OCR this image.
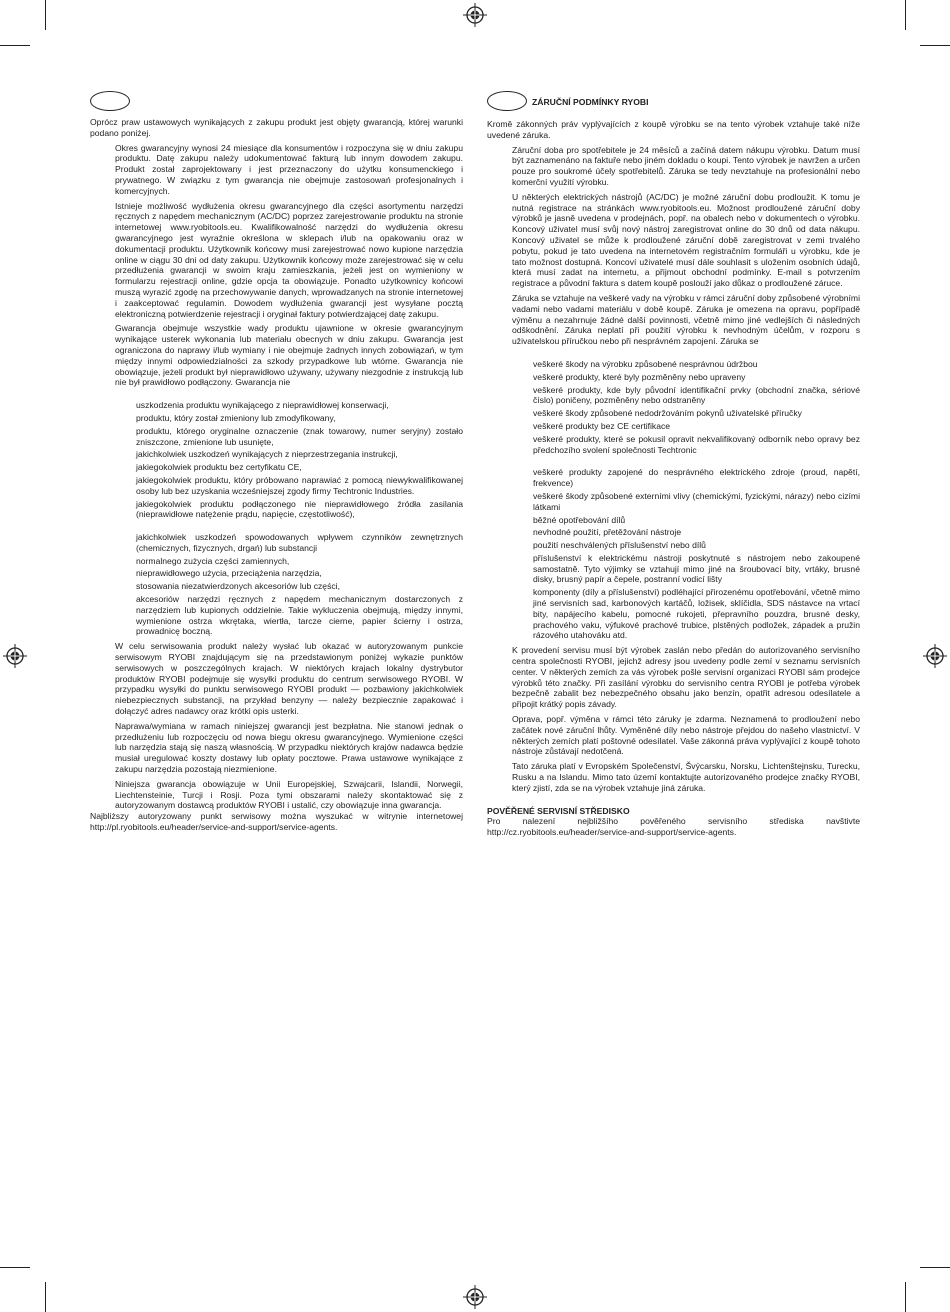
Oprócz praw ustawowych wynikających z zakupu produkt jest objęty gwarancją, której warunki podano poniżej.

Okres gwarancyjny wynosi 24 miesiące dla konsumentów i rozpoczyna się w dniu zakupu produktu. Datę zakupu należy udokumentować fakturą lub innym dowodem zakupu. Produkt został zaprojektowany i jest przeznaczony do użytku konsumenckiego i prywatnego. W związku z tym gwarancja nie obejmuje zastosowań profesjonalnych i komercyjnych.

Istnieje możliwość wydłużenia okresu gwarancyjnego dla części asortymentu narzędzi ręcznych z napędem mechanicznym (AC/DC) poprzez zarejestrowanie produktu na stronie internetowej www.ryobitools.eu. Kwalifikowalność narzędzi do wydłużenia okresu gwarancyjnego jest wyraźnie określona w sklepach i/lub na opakowaniu oraz w dokumentacji produktu. Użytkownik końcowy musi zarejestrować nowo kupione narzędzia online w ciągu 30 dni od daty zakupu. Użytkownik końcowy może zarejestrować się w celu przedłużenia gwarancji w swoim kraju zamieszkania, jeżeli jest on wymieniony w formularzu rejestracji online, gdzie opcja ta obowiązuje. Ponadto użytkownicy końcowi muszą wyrazić zgodę na przechowywanie danych, wprowadzanych na stronie internetowej i zaakceptować regulamin. Dowodem wydłużenia gwarancji jest wysyłane pocztą elektroniczną potwierdzenie rejestracji i oryginał faktury potwierdzającej datę zakupu.

Gwarancja obejmuje wszystkie wady produktu ujawnione w okresie gwarancyjnym wynikające usterek wykonania lub materiału obecnych w dniu zakupu. Gwarancja jest ograniczona do naprawy i/lub wymiany i nie obejmuje żadnych innych zobowiązań, w tym między innymi odpowiedzialności za szkody przypadkowe lub wtórne. Gwarancja nie obowiązuje, jeżeli produkt był nieprawidłowo używany, używany niezgodnie z instrukcją lub nie był prawidłowo podłączony. Gwarancja nie

uszkodzenia produktu wynikającego z nieprawidłowej konserwacji,

produktu, który został zmieniony lub zmodyfikowany,

produktu, którego oryginalne oznaczenie (znak towarowy, numer seryjny) zostało zniszczone, zmienione lub usunięte,

jakichkolwiek uszkodzeń wynikających z nieprzestrzegania instrukcji,

jakiegokolwiek produktu bez certyfikatu CE,

jakiegokolwiek produktu, który próbowano naprawiać z pomocą niewykwalifikowanej osoby lub bez uzyskania wcześniejszej zgody firmy Techtronic Industries.

jakiegokolwiek produktu podłączonego nie nieprawidłowego źródła zasilania (nieprawidłowe natężenie prądu, napięcie, częstotliwość),

jakichkolwiek uszkodzeń spowodowanych wpływem czynników zewnętrznych (chemicznych, fizycznych, drgań) lub substancji

normalnego zużycia części zamiennych,

nieprawidłowego użycia, przeciążenia narzędzia,

stosowania niezatwierdzonych akcesoriów lub części,

akcesoriów narzędzi ręcznych z napędem mechanicznym dostarczonych z narzędziem lub kupionych oddzielnie. Takie wykluczenia obejmują, między innymi, wymienione ostrza wkrętaka, wiertła, tarcze cierne, papier ścierny i ostrza, prowadnicę boczną.

W celu serwisowania produkt należy wysłać lub okazać w autoryzowanym punkcie serwisowym RYOBI znajdującym się na przedstawionym poniżej wykazie punktów serwisowych w poszczególnych krajach. W niektórych krajach lokalny dystrybutor produktów RYOBI podejmuje się wysyłki produktu do centrum serwisowego RYOBI. W przypadku wysyłki do punktu serwisowego RYOBI produkt — pozbawiony jakichkolwiek niebezpiecznych substancji, na przykład benzyny — należy bezpiecznie zapakować i dołączyć adres nadawcy oraz krótki opis usterki.

Naprawa/wymiana w ramach niniejszej gwarancji jest bezpłatna. Nie stanowi jednak o przedłużeniu lub rozpoczęciu od nowa biegu okresu gwarancyjnego. Wymienione części lub narzędzia stają się naszą własnością. W przypadku niektórych krajów nadawca będzie musiał uregulować koszty dostawy lub opłaty pocztowe. Prawa ustawowe wynikające z zakupu narzędzia pozostają niezmienione.

Niniejsza gwarancja obowiązuje w Unii Europejskiej, Szwajcarii, Islandii, Norwegii, Liechtensteinie, Turcji i Rosji. Poza tymi obszarami należy skontaktować się z autoryzowanym dostawcą produktów RYOBI i ustalić, czy obowiązuje inna gwarancja.

Najbliższy autoryzowany punkt serwisowy można wyszukać w witrynie internetowej http://pl.ryobitools.eu/header/service-and-support/service-agents.

ZÁRUČNÍ PODMÍNKY RYOBI

Kromě zákonných práv vyplývajících z koupě výrobku se na tento výrobek vztahuje také níže uvedené záruka.

Záruční doba pro spotřebitele je 24 měsíců a začíná datem nákupu výrobku. Datum musí být zaznamenáno na faktuře nebo jiném dokladu o koupi. Tento výrobek je navržen a určen pouze pro soukromé účely spotřebitelů. Záruka se tedy nevztahuje na profesionální nebo komerční využití výrobku.

U některých elektrických nástrojů (AC/DC) je možné záruční dobu prodloužit. K tomu je nutná registrace na stránkách www.ryobitools.eu. Možnost prodloužené záruční doby výrobků je jasně uvedena v prodejnách, popř. na obalech nebo v dokumentech o výrobku. Koncový uživatel musí svůj nový nástroj zaregistrovat online do 30 dnů od data nákupu. Koncový uživatel se může k prodloužené záruční době zaregistrovat v zemi trvalého pobytu, pokud je tato uvedena na internetovém registračním formuláři u výrobku, kde je tato možnost dostupná. Koncoví uživatelé musí dále souhlasit s uložením osobních údajů, která musí zadat na internetu, a přijmout obchodní podmínky. E-mail s potvrzením registrace a původní faktura s datem koupě poslouží jako důkaz o prodloužené záruce.

Záruka se vztahuje na veškeré vady na výrobku v rámci záruční doby způsobené výrobními vadami nebo vadami materiálu v době koupě. Záruka je omezena na opravu, popřípadě výměnu a nezahrnuje žádné další povinnosti, včetně mimo jiné vedlejších či následných odškodnění. Záruka neplatí při použití výrobku k nevhodným účelům, v rozporu s uživatelskou příručkou nebo při nesprávném zapojení. Záruka se

veškeré škody na výrobku způsobené nesprávnou údržbou

veškeré produkty, které byly pozměněny nebo upraveny

veškeré produkty, kde byly původní identifikační prvky (obchodní značka, sériové číslo) poničeny, pozměněny nebo odstraněny

veškeré škody způsobené nedodržováním pokynů uživatelské příručky

veškeré produkty bez CE certifikace

veškeré produkty, které se pokusil opravit nekvalifikovaný odborník nebo opravy bez předchozího svolení společnosti Techtronic

veškeré produkty zapojené do nesprávného elektrického zdroje (proud, napětí, frekvence)

veškeré škody způsobené externími vlivy (chemickými, fyzickými, nárazy) nebo cizími látkami

běžné opotřebování dílů

nevhodné použití, přetěžování nástroje

použití neschválených příslušenství nebo dílů

příslušenství k elektrickému nástroji poskytnuté s nástrojem nebo zakoupené samostatně. Tyto výjimky se vztahují mimo jiné na šroubovací bity, vrtáky, brusné disky, brusný papír a čepele, postranní vodicí lišty

komponenty (díly a příslušenství) podléhající přirozenému opotřebování, včetně mimo jiné servisních sad, karbonových kartáčů, ložisek, sklíčidla, SDS nástavce na vrtací bity, napájecího kabelu, pomocné rukojeti, přepravního pouzdra, brusné desky, prachového vaku, výfukové prachové trubice, plstěných podložek, západek a pružin rázového utahováku atd.

K provedení servisu musí být výrobek zaslán nebo předán do autorizovaného servisního centra společnosti RYOBI, jejichž adresy jsou uvedeny podle zemí v seznamu servisních center. V některých zemích za vás výrobek pošle servisní organizaci RYOBI sám prodejce výrobků této značky. Při zasílání výrobku do servisního centra RYOBI je potřeba výrobek bezpečně zabalit bez nebezpečného obsahu jako benzín, opatřit adresou odesílatele a připojit krátký popis závady.

Oprava, popř. výměna v rámci této záruky je zdarma. Neznamená to prodloužení nebo začátek nové záruční lhůty. Vyměněné díly nebo nástroje přejdou do našeho vlastnictví. V některých zemích platí poštovné odesílatel. Vaše zákonná práva vyplývající z koupě tohoto nástroje zůstávají nedotčená.

Tato záruka platí v Evropském Společenství, Švýcarsku, Norsku, Lichtenštejnsku, Turecku, Rusku a na Islandu. Mimo tato území kontaktujte autorizovaného prodejce značky RYOBI, který zjistí, zda se na výrobek vztahuje jiná záruka.

POVĚŘENÉ SERVISNÍ STŘEDISKO

Pro nalezení nejbližšího pověřeného servisního střediska navštivte http://cz.ryobitools.eu/header/service-and-support/service-agents.
